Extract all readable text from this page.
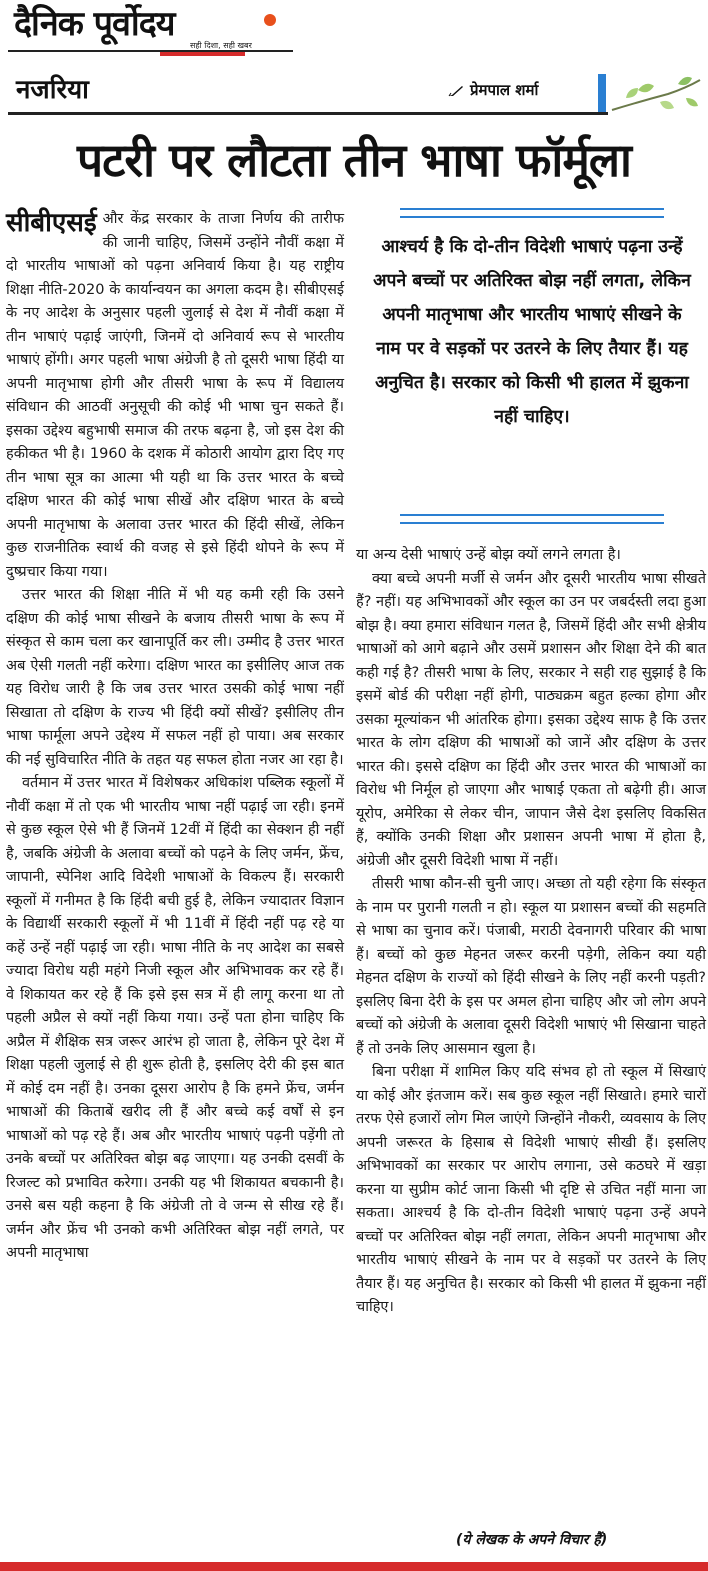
दैनिक पूर्वोदय
सही दिशा, सही खबर
नजरिया	प्रेमपाल शर्मा
पटरी पर लौटता तीन भाषा फॉर्मूला

सीबीएसई और केंद्र सरकार के ताजा निर्णय की तारीफ की जानी चाहिए, जिसमें उन्होंने नौवीं कक्षा में दो भारतीय भाषाओं को पढ़ना अनिवार्य किया है। यह राष्ट्रीय शिक्षा नीति-2020 के कार्यान्वयन का अगला कदम है। सीबीएसई के नए आदेश के अनुसार पहली जुलाई से देश में नौवीं कक्षा में तीन भाषाएं पढ़ाई जाएंगी, जिनमें दो अनिवार्य रूप से भारतीय भाषाएं होंगी। अगर पहली भाषा अंग्रेजी है तो दूसरी भाषा हिंदी या अपनी मातृभाषा होगी और तीसरी भाषा के रूप में विद्यालय संविधान की आठवीं अनुसूची की कोई भी भाषा चुन सकते हैं। इसका उद्देश्य बहुभाषी समाज की तरफ बढ़ना है, जो इस देश की हकीकत भी है। 1960 के दशक में कोठारी आयोग द्वारा दिए गए तीन भाषा सूत्र का आत्मा भी यही था कि उत्तर भारत के बच्चे दक्षिण भारत की कोई भाषा सीखें और दक्षिण भारत के बच्चे अपनी मातृभाषा के अलावा उत्तर भारत की हिंदी सीखें, लेकिन कुछ राजनीतिक स्वार्थ की वजह से इसे हिंदी थोपने के रूप में दुष्प्रचार किया गया।

उत्तर भारत की शिक्षा नीति में भी यह कमी रही कि उसने दक्षिण की कोई भाषा सीखने के बजाय तीसरी भाषा के रूप में संस्कृत से काम चला कर खानापूर्ति कर ली। उम्मीद है उत्तर भारत अब ऐसी गलती नहीं करेगा। दक्षिण भारत का इसीलिए आज तक यह विरोध जारी है कि जब उत्तर भारत उसकी कोई भाषा नहीं सिखाता तो दक्षिण के राज्य भी हिंदी क्यों सीखें? इसीलिए तीन भाषा फार्मूला अपने उद्देश्य में सफल नहीं हो पाया। अब सरकार की नई सुविचारित नीति के तहत यह सफल होता नजर आ रहा है।

वर्तमान में उत्तर भारत में विशेषकर अधिकांश पब्लिक स्कूलों में नौवीं कक्षा में तो एक भी भारतीय भाषा नहीं पढ़ाई जा रही। इनमें से कुछ स्कूल ऐसे भी हैं जिनमें 12वीं में हिंदी का सेक्शन ही नहीं है, जबकि अंग्रेजी के अलावा बच्चों को पढ़ने के लिए जर्मन, फ्रेंच, जापानी, स्पेनिश आदि विदेशी भाषाओं के विकल्प हैं। सरकारी स्कूलों में गनीमत है कि हिंदी बची हुई है, लेकिन ज्यादातर विज्ञान के विद्यार्थी सरकारी स्कूलों में भी 11वीं में हिंदी नहीं पढ़ रहे या कहें उन्हें नहीं पढ़ाई जा रही। भाषा नीति के नए आदेश का सबसे ज्यादा विरोध यही महंगे निजी स्कूल और अभिभावक कर रहे हैं। वे शिकायत कर रहे हैं कि इसे इस सत्र में ही लागू करना था तो पहली अप्रैल से क्यों नहीं किया गया। उन्हें पता होना चाहिए कि अप्रैल में शैक्षिक सत्र जरूर आरंभ हो जाता है, लेकिन पूरे देश में शिक्षा पहली जुलाई से ही शुरू होती है, इसलिए देरी की इस बात में कोई दम नहीं है। उनका दूसरा आरोप है कि हमने फ्रेंच, जर्मन भाषाओं की किताबें खरीद ली हैं और बच्चे कई वर्षों से इन भाषाओं को पढ़ रहे हैं। अब और भारतीय भाषाएं पढ़नी पड़ेंगी तो उनके बच्चों पर अतिरिक्त बोझ बढ़ जाएगा। यह उनकी दसवीं के रिजल्ट को प्रभावित करेगा। उनकी यह भी शिकायत बचकानी है। उनसे बस यही कहना है कि अंग्रेजी तो वे जन्म से सीख रहे हैं। जर्मन और फ्रेंच भी उनको कभी अतिरिक्त बोझ नहीं लगते, पर अपनी मातृभाषा

आश्चर्य है कि दो-तीन विदेशी भाषाएं पढ़ना उन्हें अपने बच्चों पर अतिरिक्त बोझ नहीं लगता, लेकिन अपनी मातृभाषा और भारतीय भाषाएं सीखने के नाम पर वे सड़कों पर उतरने के लिए तैयार हैं। यह अनुचित है। सरकार को किसी भी हालत में झुकना नहीं चाहिए।

या अन्य देसी भाषाएं उन्हें बोझ क्यों लगने लगता है।

क्या बच्चे अपनी मर्जी से जर्मन और दूसरी भारतीय भाषा सीखते हैं? नहीं। यह अभिभावकों और स्कूल का उन पर जबर्दस्ती लदा हुआ बोझ है। क्या हमारा संविधान गलत है, जिसमें हिंदी और सभी क्षेत्रीय भाषाओं को आगे बढ़ाने और उसमें प्रशासन और शिक्षा देने की बात कही गई है? तीसरी भाषा के लिए, सरकार ने सही राह सुझाई है कि इसमें बोर्ड की परीक्षा नहीं होगी, पाठ्यक्रम बहुत हल्का होगा और उसका मूल्यांकन भी आंतरिक होगा। इसका उद्देश्य साफ है कि उत्तर भारत के लोग दक्षिण की भाषाओं को जानें और दक्षिण के उत्तर भारत की। इससे दक्षिण का हिंदी और उत्तर भारत की भाषाओं का विरोध भी निर्मूल हो जाएगा और भाषाई एकता तो बढ़ेगी ही। आज यूरोप, अमेरिका से लेकर चीन, जापान जैसे देश इसलिए विकसित हैं, क्योंकि उनकी शिक्षा और प्रशासन अपनी भाषा में होता है, अंग्रेजी और दूसरी विदेशी भाषा में नहीं।

तीसरी भाषा कौन-सी चुनी जाए। अच्छा तो यही रहेगा कि संस्कृत के नाम पर पुरानी गलती न हो। स्कूल या प्रशासन बच्चों की सहमति से भाषा का चुनाव करें। पंजाबी, मराठी देवनागरी परिवार की भाषा हैं। बच्चों को कुछ मेहनत जरूर करनी पड़ेगी, लेकिन क्या यही मेहनत दक्षिण के राज्यों को हिंदी सीखने के लिए नहीं करनी पड़ती? इसलिए बिना देरी के इस पर अमल होना चाहिए और जो लोग अपने बच्चों को अंग्रेजी के अलावा दूसरी विदेशी भाषाएं भी सिखाना चाहते हैं तो उनके लिए आसमान खुला है।

बिना परीक्षा में शामिल किए यदि संभव हो तो स्कूल में सिखाएं या कोई और इंतजाम करें। सब कुछ स्कूल नहीं सिखाते। हमारे चारों तरफ ऐसे हजारों लोग मिल जाएंगे जिन्होंने नौकरी, व्यवसाय के लिए अपनी जरूरत के हिसाब से विदेशी भाषाएं सीखी हैं। इसलिए अभिभावकों का सरकार पर आरोप लगाना, उसे कठघरे में खड़ा करना या सुप्रीम कोर्ट जाना किसी भी दृष्टि से उचित नहीं माना जा सकता। आश्चर्य है कि दो-तीन विदेशी भाषाएं पढ़ना उन्हें अपने बच्चों पर अतिरिक्त बोझ नहीं लगता, लेकिन अपनी मातृभाषा और भारतीय भाषाएं सीखने के नाम पर वे सड़कों पर उतरने के लिए तैयार हैं। यह अनुचित है। सरकार को किसी भी हालत में झुकना नहीं चाहिए।

(ये लेखक के अपने विचार हैं)
